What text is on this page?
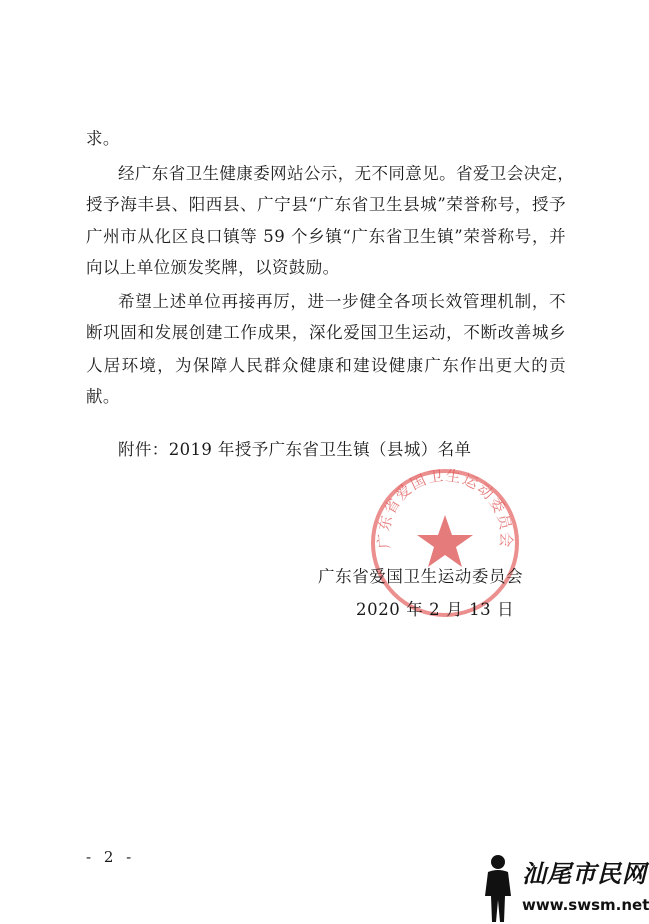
求。
经广东省卫生健康委网站公示，无不同意见。省爱卫会决定，
授予海丰县、阳西县、广宁县“广东省卫生县城”荣誉称号，授予
广州市从化区良口镇等 59 个乡镇“广东省卫生镇”荣誉称号，并
向以上单位颁发奖牌，以资鼓励。
希望上述单位再接再厉，进一步健全各项长效管理机制，不
断巩固和发展创建工作成果，深化爱国卫生运动，不断改善城乡
人居环境，为保障人民群众健康和建设健康广东作出更大的贡
献。
附件：2019 年授予广东省卫生镇（县城）名单
广东省爱国卫生运动委员会
广东省爱国卫生运动委员会
2020 年 2 月 13 日
- 2 -
汕尾市民网
www.swsm.net
